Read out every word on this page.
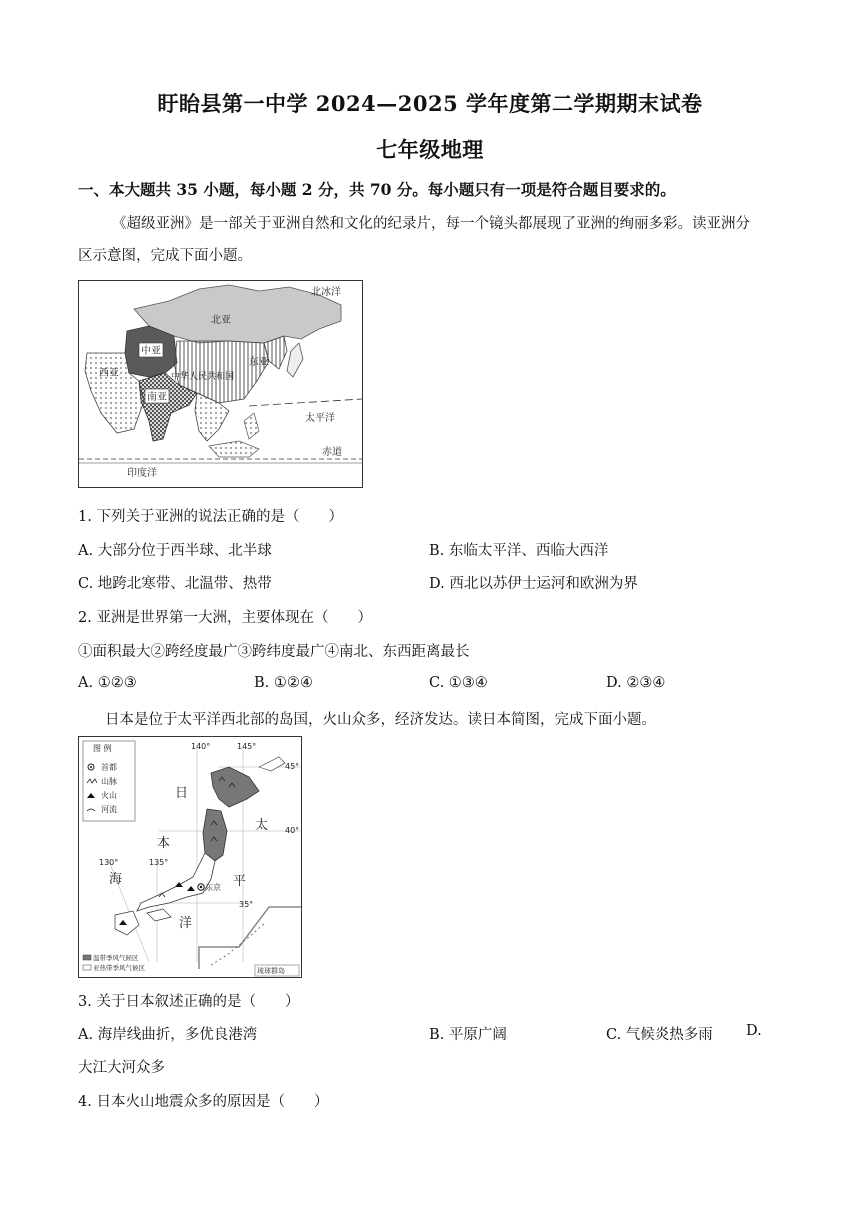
盱眙县第一中学 2024—2025 学年度第二学期期末试卷
七年级地理
一、本大题共 35 小题，每小题 2 分，共 70 分。每小题只有一项是符合题目要求的。
《超级亚洲》是一部关于亚洲自然和文化的纪录片，每一个镜头都展现了亚洲的绚丽多彩。读亚洲分
区示意图，完成下面小题。
北冰洋
北亚
中亚
东亚
中华人民共和国
西亚
南亚
太平洋
赤道
印度洋
1. 下列关于亚洲的说法正确的是（　　）
A. 大部分位于西半球、北半球	B. 东临太平洋、西临大西洋
C. 地跨北寒带、北温带、热带	D. 西北以苏伊士运河和欧洲为界
2. 亚洲是世界第一大洲，主要体现在（　　）
①面积最大②跨经度最广③跨纬度最广④南北、东西距离最长
A. ①②③	B. ①②④	C. ①③④	D. ②③④
日本是位于太平洋西北部的岛国，火山众多，经济发达。读日本简图，完成下面小题。
图 例
首都
山脉
火山
河流
140°	145°
130°	135°
45°
40°
35°
东京
日
本
海
太
平
洋
温带季风气候区
亚热带季风气候区	琉球群岛
3. 关于日本叙述正确的是（　　）
A. 海岸线曲折，多优良港湾	B. 平原广阔	C. 气候炎热多雨 D.
大江大河众多
4. 日本火山地震众多的原因是（　　）
